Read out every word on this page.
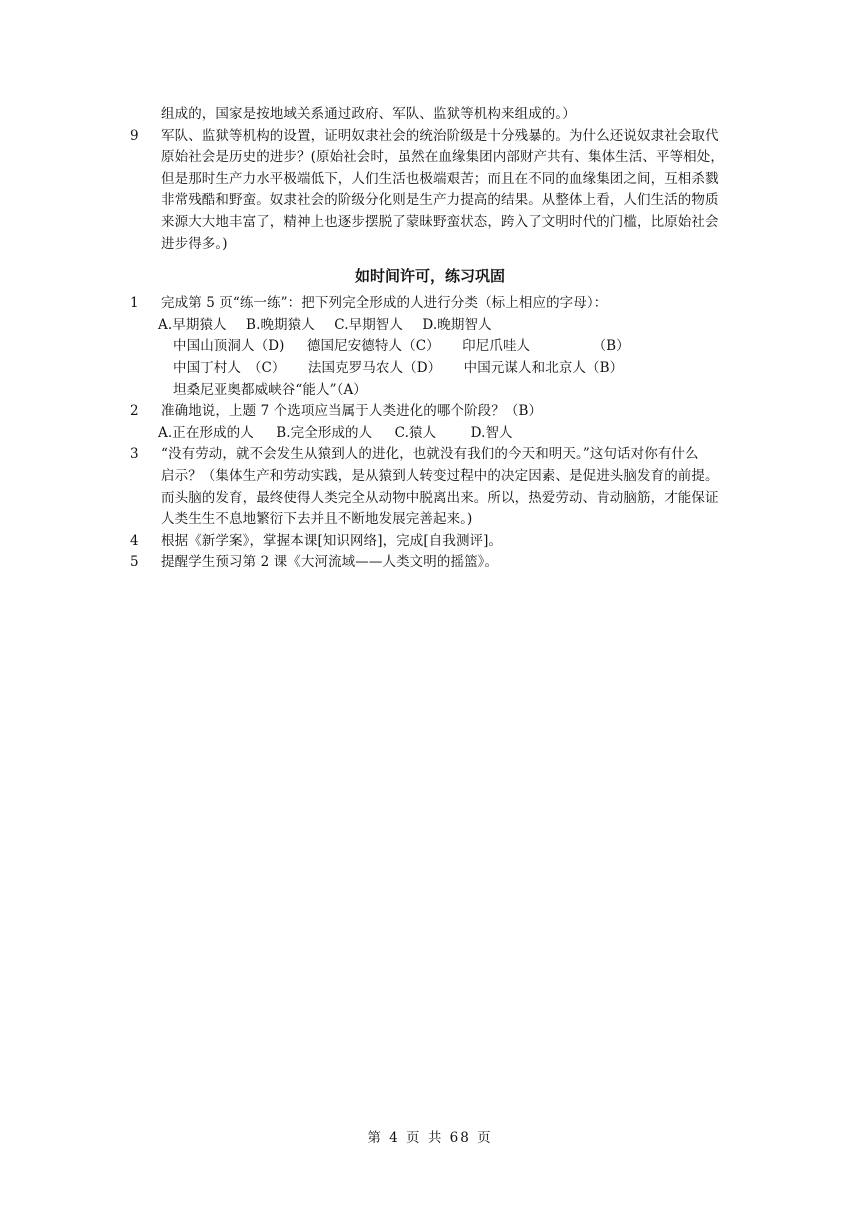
组成的，国家是按地域关系通过政府、军队、监狱等机构来组成的。）
9	军队、监狱等机构的设置，证明奴隶社会的统治阶级是十分残暴的。为什么还说奴隶社会取代
原始社会是历史的进步？(原始社会时，虽然在血缘集团内部财产共有、集体生活、平等相处，
但是那时生产力水平极端低下，人们生活也极端艰苦；而且在不同的血缘集团之间，互相杀戮
非常残酷和野蛮。奴隶社会的阶级分化则是生产力提高的结果。从整体上看，人们生活的物质
来源大大地丰富了，精神上也逐步摆脱了蒙昧野蛮状态，跨入了文明时代的门槛，比原始社会
进步得多。)
如时间许可，练习巩固
1	完成第 5 页“练一练”：把下列完全形成的人进行分类（标上相应的字母）：
A.早期猿人 B.晚期猿人 C.早期智人 D.晚期智人
中国山顶洞人（D) 德国尼安德特人（C） 印尼爪哇人	（B）
中国丁村人　（C） 法国克罗马农人（D） 中国元谋人和北京人（B）
坦桑尼亚奥都威峡谷“能人”（A）
2	准确地说，上题 7 个选项应当属于人类进化的哪个阶段？（B）
A.正在形成的人 B.完全形成的人 C.猿人	D.智人
3	“没有劳动，就不会发生从猿到人的进化，也就没有我们的今天和明天。”这句话对你有什么
启示？（集体生产和劳动实践，是从猿到人转变过程中的决定因素、是促进头脑发育的前提。
而头脑的发育，最终使得人类完全从动物中脱离出来。所以，热爱劳动、肯动脑筋，才能保证
人类生生不息地繁衍下去并且不断地发展完善起来。)
4	根据《新学案》，掌握本课[知识网络]，完成[自我测评]。
5	提醒学生预习第 2 课《大河流域——人类文明的摇篮》。
第 4 页 共 68 页
